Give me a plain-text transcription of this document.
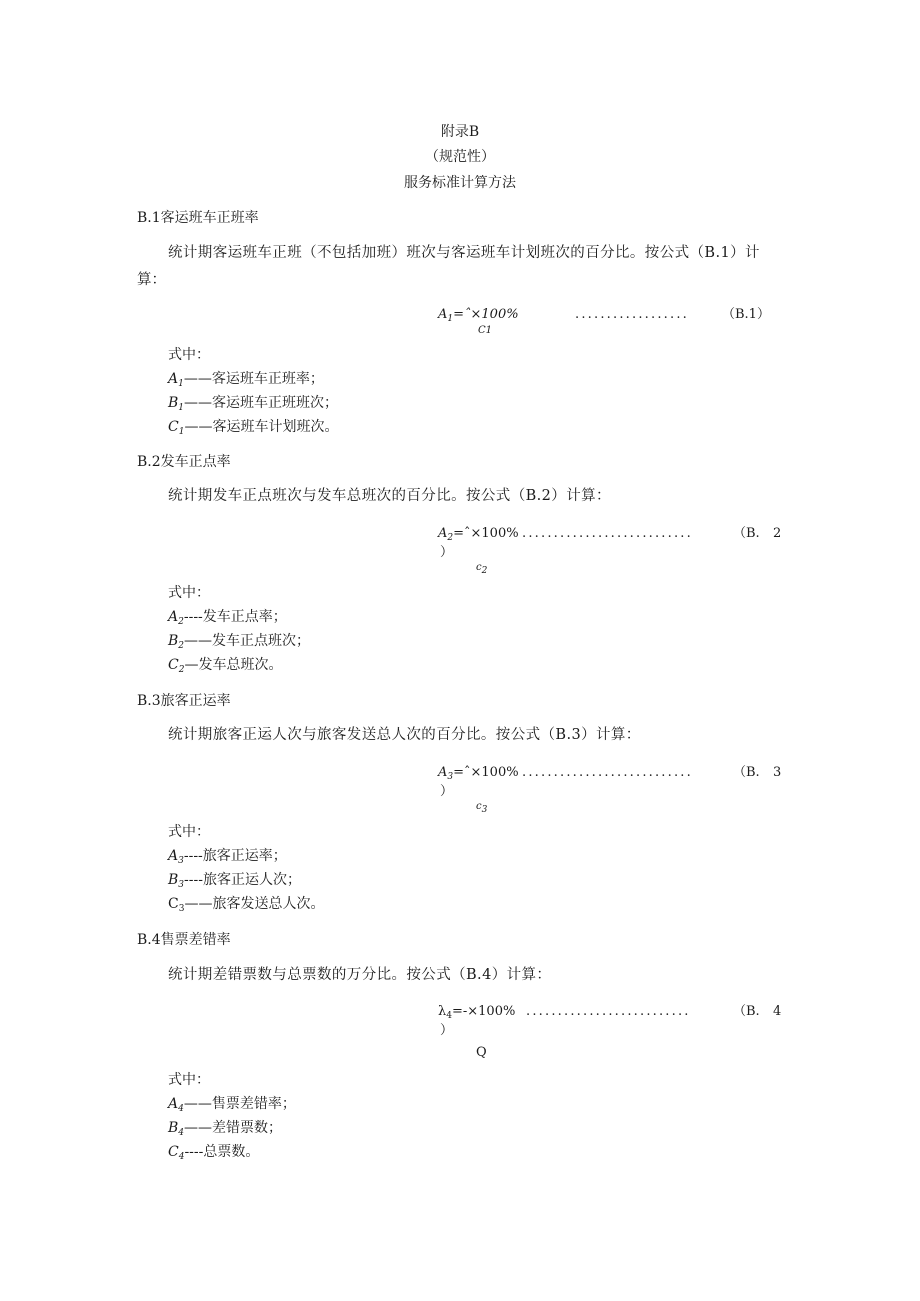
附录B
（规范性）
服务标准计算方法
B.1客运班车正班率
统计期客运班车正班（不包括加班）班次与客运班车计划班次的百分比。按公式（B.1）计
算：
$A_1=ˆ\times 100\%$
C1
..................	（B.1）
式中：
$A_1——$客运班车正班率；
$B_1——$客运班车正班班次；
$C_1——$客运班车计划班次。
B.2发车正点率
统计期发车正点班次与发车总班次的百分比。按公式（B.2）计算：
$A_2=ˆ\times 100\%$ ...........................	（B. 2
）
c2
式中：
$A_2----$发车正点率；
$B_2——$发车正点班次；
$C_2—$发车总班次。
B.3旅客正运率
统计期旅客正运人次与旅客发送总人次的百分比。按公式（B.3）计算：
$A_3=ˆ\times 100\%$ ...........................	（B. 3
）
c3
式中：
$A_3----$旅客正运率；
$B_3----$旅客正运人次；
$C_3——$旅客发送总人次。
B.4售票差错率
统计期差错票数与总票数的万分比。按公式（B.4）计算：
$\lambda_4=-\times 100\%$ ..........................	（B. 4
）
Q
式中：
$A_4——$售票差错率；
$B_4——$差错票数；
$C_4----$总票数。
